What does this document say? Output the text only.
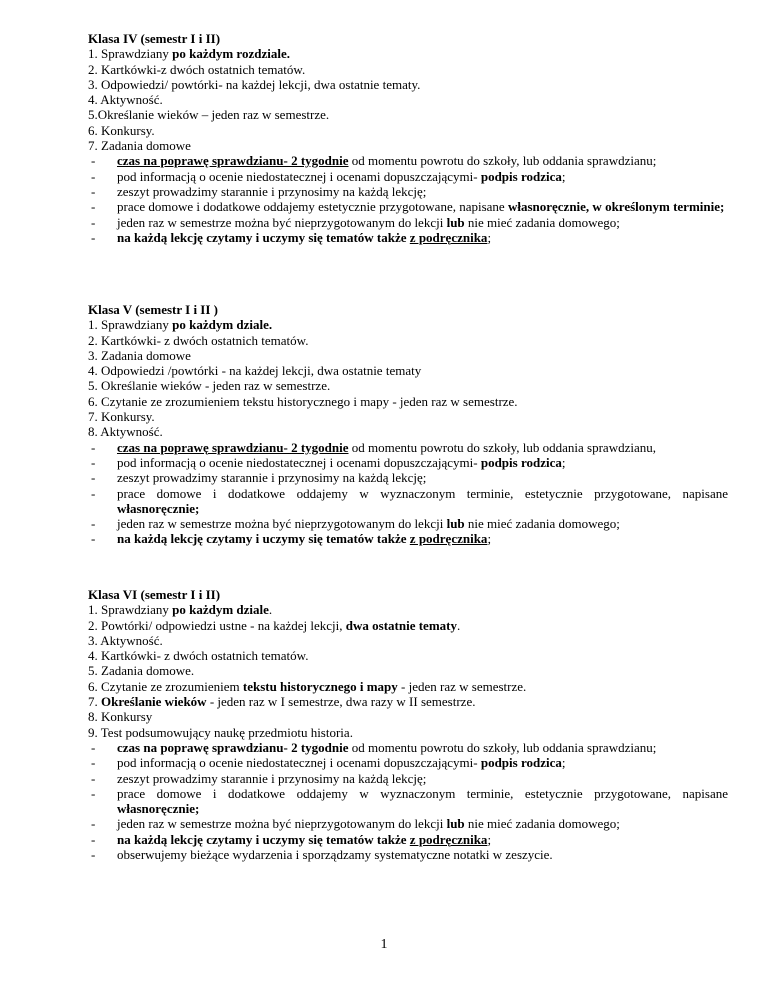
Klasa IV (semestr I i II)
1. Sprawdziany po każdym rozdziale.
2. Kartkówki-z dwóch ostatnich tematów.
3. Odpowiedzi/ powtórki- na każdej lekcji, dwa ostatnie tematy.
4. Aktywność.
5.Określanie wieków – jeden raz w semestrze.
6. Konkursy.
7. Zadania domowe
- czas na poprawę sprawdzianu- 2 tygodnie od momentu powrotu do szkoły, lub oddania sprawdzianu;
- pod informacją o ocenie niedostatecznej i ocenami dopuszczającymi- podpis rodzica;
- zeszyt prowadzimy starannie i przynosimy na każdą lekcję;
- prace domowe i dodatkowe oddajemy estetycznie przygotowane, napisane własnoręcznie, w określonym terminie;
- jeden raz w semestrze można być nieprzygotowanym do lekcji lub nie mieć zadania domowego;
- na każdą lekcję czytamy i uczymy się tematów także z podręcznika;
Klasa V (semestr I i II )
1. Sprawdziany po każdym dziale.
2. Kartkówki- z dwóch ostatnich tematów.
3. Zadania domowe
4. Odpowiedzi /powtórki - na każdej lekcji, dwa ostatnie tematy
5. Określanie wieków - jeden raz w semestrze.
6. Czytanie ze zrozumieniem tekstu historycznego i mapy - jeden raz w semestrze.
7. Konkursy.
8. Aktywność.
- czas na poprawę sprawdzianu- 2 tygodnie od momentu powrotu do szkoły, lub oddania sprawdzianu,
- pod informacją o ocenie niedostatecznej i ocenami dopuszczającymi- podpis rodzica;
- zeszyt prowadzimy starannie i przynosimy na każdą lekcję;
- prace domowe i dodatkowe oddajemy w wyznaczonym terminie, estetycznie przygotowane, napisane własnoręcznie;
- jeden raz w semestrze można być nieprzygotowanym do lekcji lub nie mieć zadania domowego;
- na każdą lekcję czytamy i uczymy się tematów także z podręcznika;
Klasa VI (semestr I i II)
1. Sprawdziany po każdym dziale.
2. Powtórki/ odpowiedzi ustne - na każdej lekcji, dwa ostatnie tematy.
3. Aktywność.
4. Kartkówki- z dwóch ostatnich tematów.
5. Zadania domowe.
6. Czytanie ze zrozumieniem tekstu historycznego i mapy - jeden raz w semestrze.
7. Określanie wieków - jeden raz w I semestrze, dwa razy w II semestrze.
8. Konkursy
9. Test podsumowujący naukę przedmiotu historia.
- czas na poprawę sprawdzianu- 2 tygodnie od momentu powrotu do szkoły, lub oddania sprawdzianu;
- pod informacją o ocenie niedostatecznej i ocenami dopuszczającymi- podpis rodzica;
- zeszyt prowadzimy starannie i przynosimy na każdą lekcję;
- prace domowe i dodatkowe oddajemy w wyznaczonym terminie, estetycznie przygotowane, napisane własnoręcznie;
- jeden raz w semestrze można być nieprzygotowanym do lekcji lub nie mieć zadania domowego;
- na każdą lekcję czytamy i uczymy się tematów także z podręcznika;
- obserwujemy bieżące wydarzenia i sporządzamy systematyczne notatki w zeszycie.
1
